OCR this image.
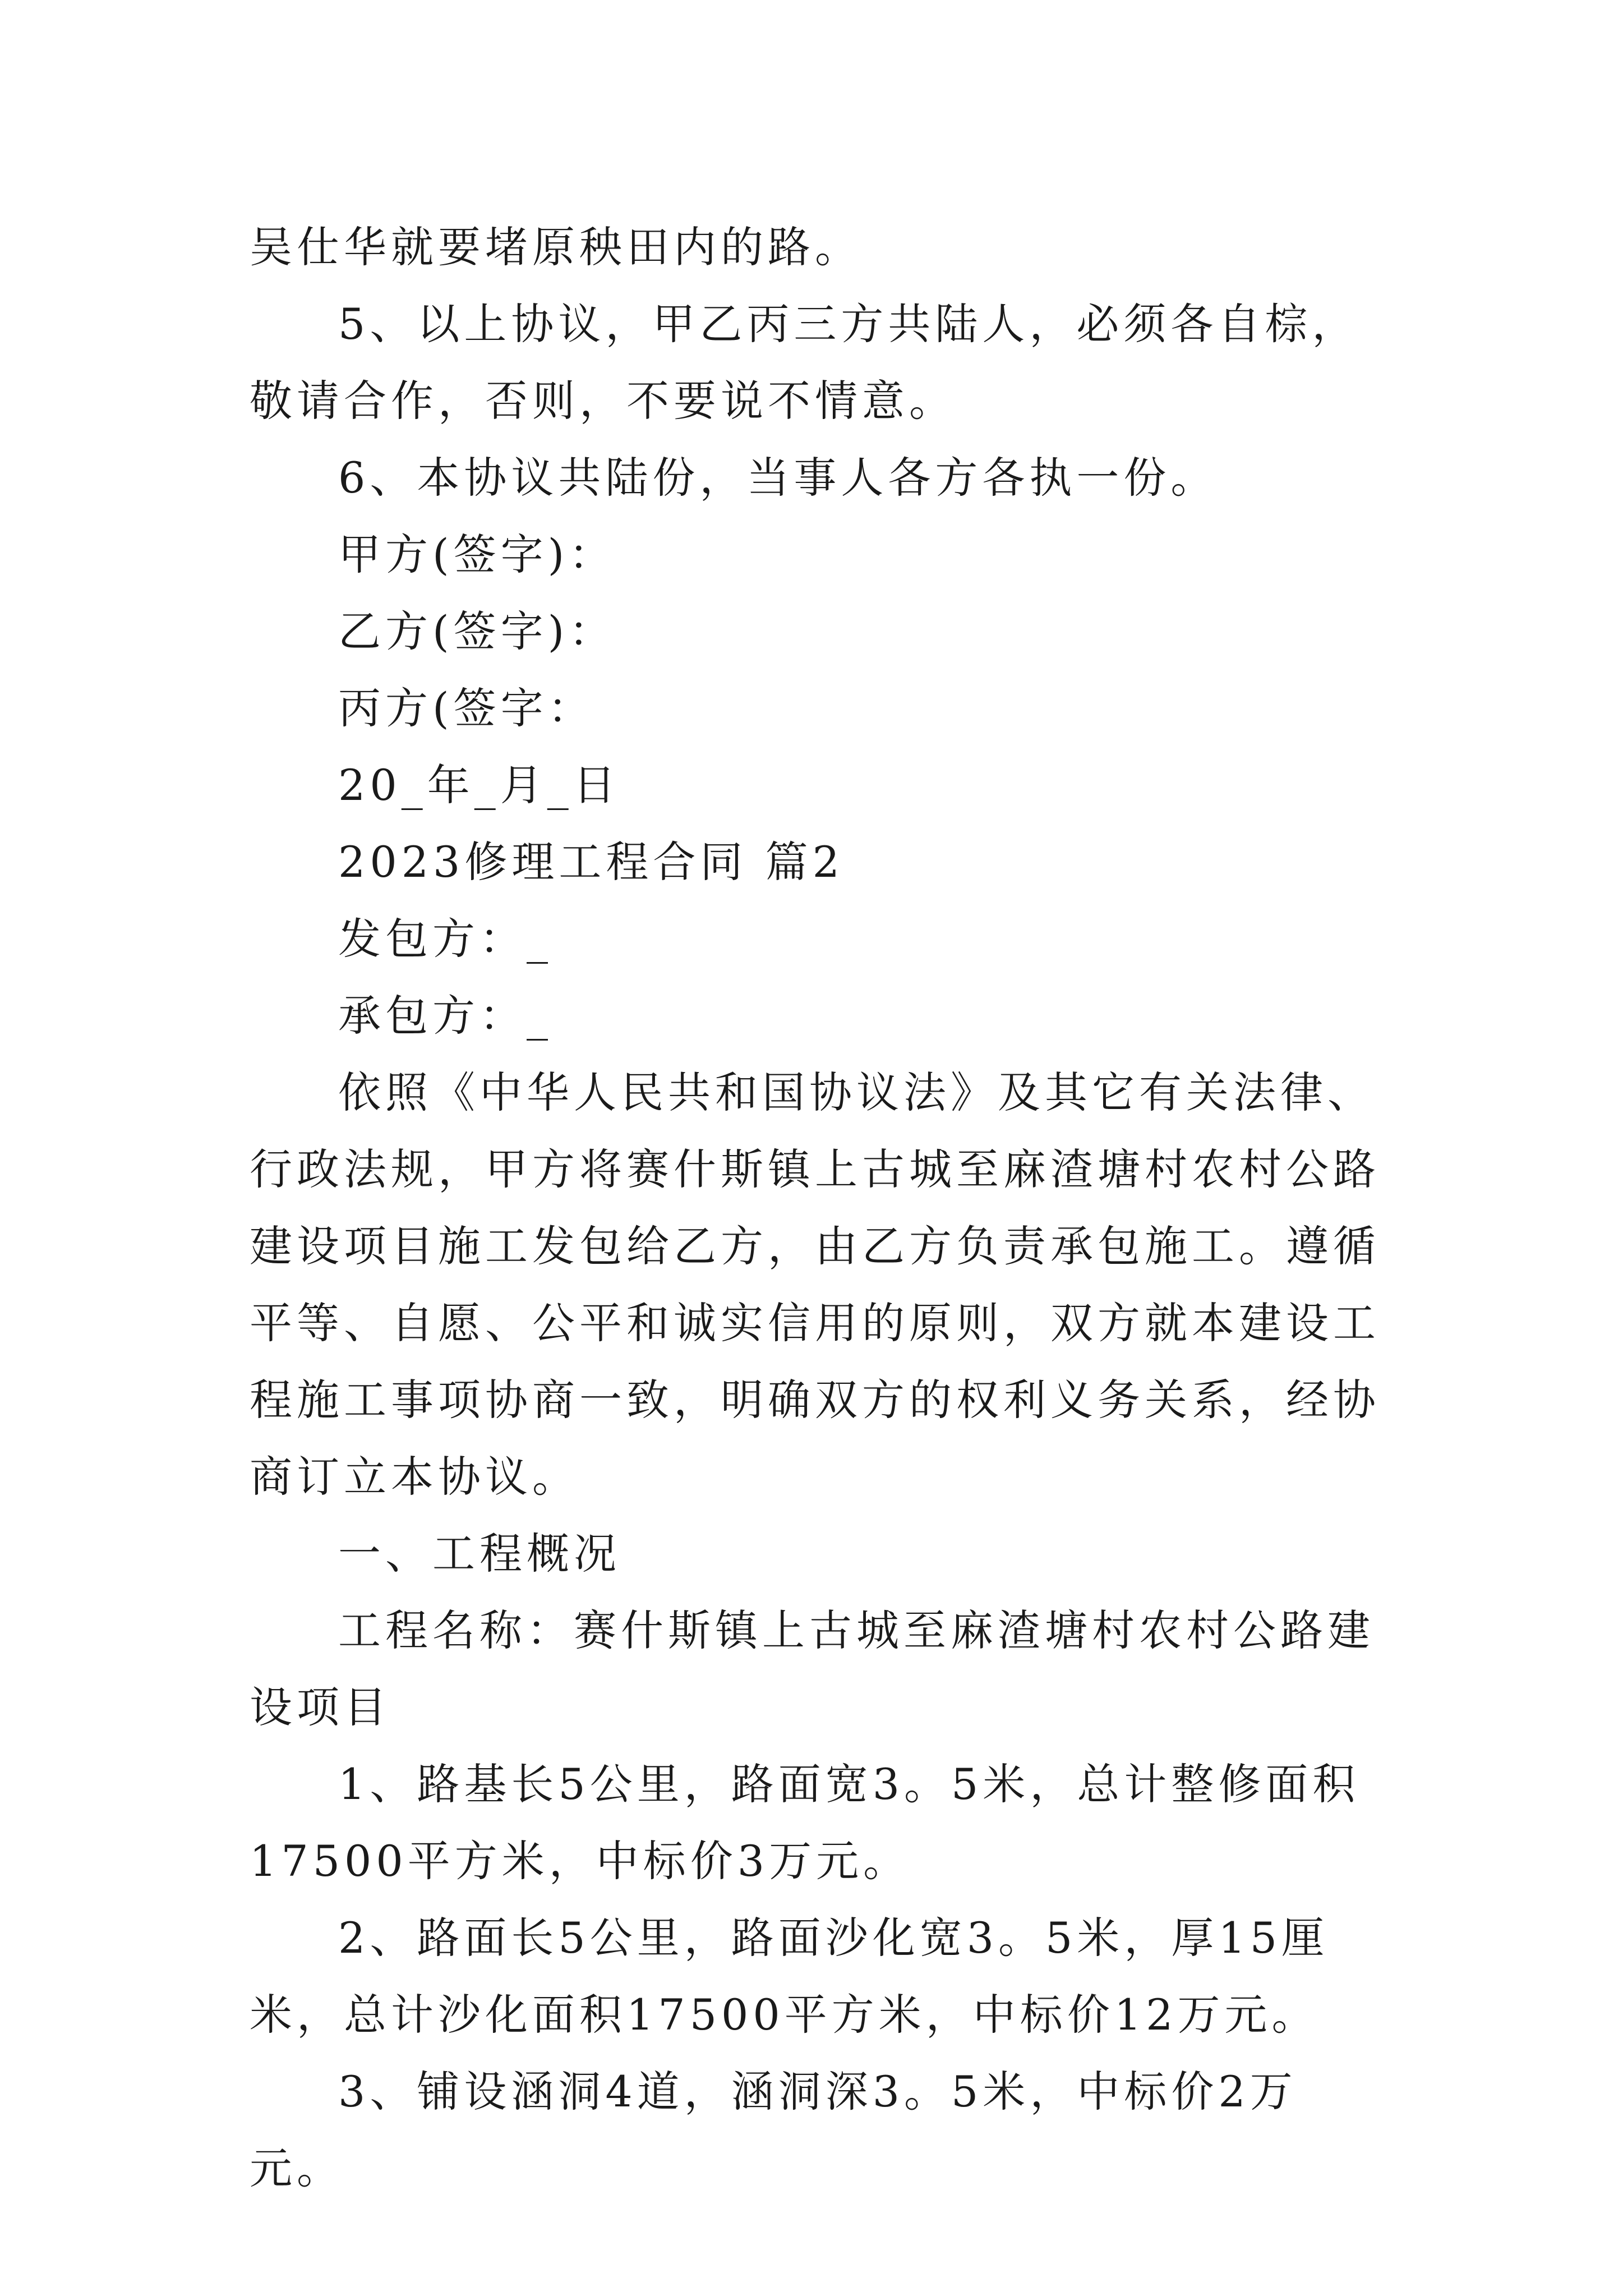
吴仕华就要堵原秧田内的路。

5、以上协议，甲乙丙三方共陆人，必须各自棕，敬请合作，否则，不要说不情意。

6、本协议共陆份，当事人各方各执一份。

甲方(签字)：

乙方(签字)：

丙方(签字：

20_年_月_日

2023修理工程合同 篇2

发包方：_

承包方：_

依照《中华人民共和国协议法》及其它有关法律、行政法规，甲方将赛什斯镇上古城至麻渣塘村农村公路建设项目施工发包给乙方，由乙方负责承包施工。遵循平等、自愿、公平和诚实信用的原则，双方就本建设工程施工事项协商一致，明确双方的权利义务关系，经协商订立本协议。

一、工程概况

工程名称：赛什斯镇上古城至麻渣塘村农村公路建设项目

1、路基长5公里，路面宽3。5米，总计整修面积17500平方米，中标价3万元。

2、路面长5公里，路面沙化宽3。5米，厚15厘米，总计沙化面积17500平方米，中标价12万元。

3、铺设涵洞4道，涵洞深3。5米，中标价2万元。
